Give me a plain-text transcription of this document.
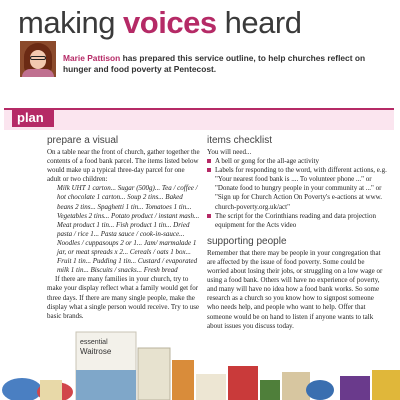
making voices heard
Marie Pattison has prepared this service outline, to help churches reflect on hunger and food poverty at Pentecost.
plan
prepare a visual

On a table near the front of church, gather together the contents of a food bank parcel. The items listed below would make up a typical three-day parcel for one adult or two children:

Milk UHT 1 carton... Sugar (500g)... Tea / coffee / hot chocolate 1 carton... Soup 2 tins... Baked beans 2 tins... Spaghetti 1 tin... Tomatoes 1 tin... Vegetables 2 tins... Potato product / instant mash... Meat product 1 tin... Fish product 1 tin... Dried pasta / rice 1... Pasta sauce / cook-in-sauce... Noodles / cuppasoups 2 or 1... Jam/ marmalade 1 jar, or meat spreads x 2... Cereals / oats 1 box... Fruit 1 tin... Pudding 1 tin... Custard / evaporated milk 1 tin... Biscuits / snacks... Fresh bread

If there are many families in your church, try to make your display reflect what a family would get for three days. If there are many single people, make the display what a single person would receive. Try to use basic brands.

items checklist

You will need...

A bell or gong for the all-age activity
Labels for responding to the word, with different actions, e.g. "Your nearest food bank is .... To volunteer phone ..." or "Donate food to hungry people in your community at ..." or "Sign up for Church Action On Poverty's e-actions at www. church-poverty.org.uk/act"
The script for the Corinthians reading and data projection equipment for the Acts video
supporting people

Remember that there may be people in your congregation that are affected by the issue of food poverty. Some could be worried about losing their jobs, or struggling on a low wage or using a food bank. Others will have no experience of poverty, and many will have no idea how a food bank works. So some research as a church so you know how to signpost someone who needs help, and people who want to help. Offer that someone would be on hand to listen if anyone wants to talk about issues you discuss today.

essential
Waitrose
